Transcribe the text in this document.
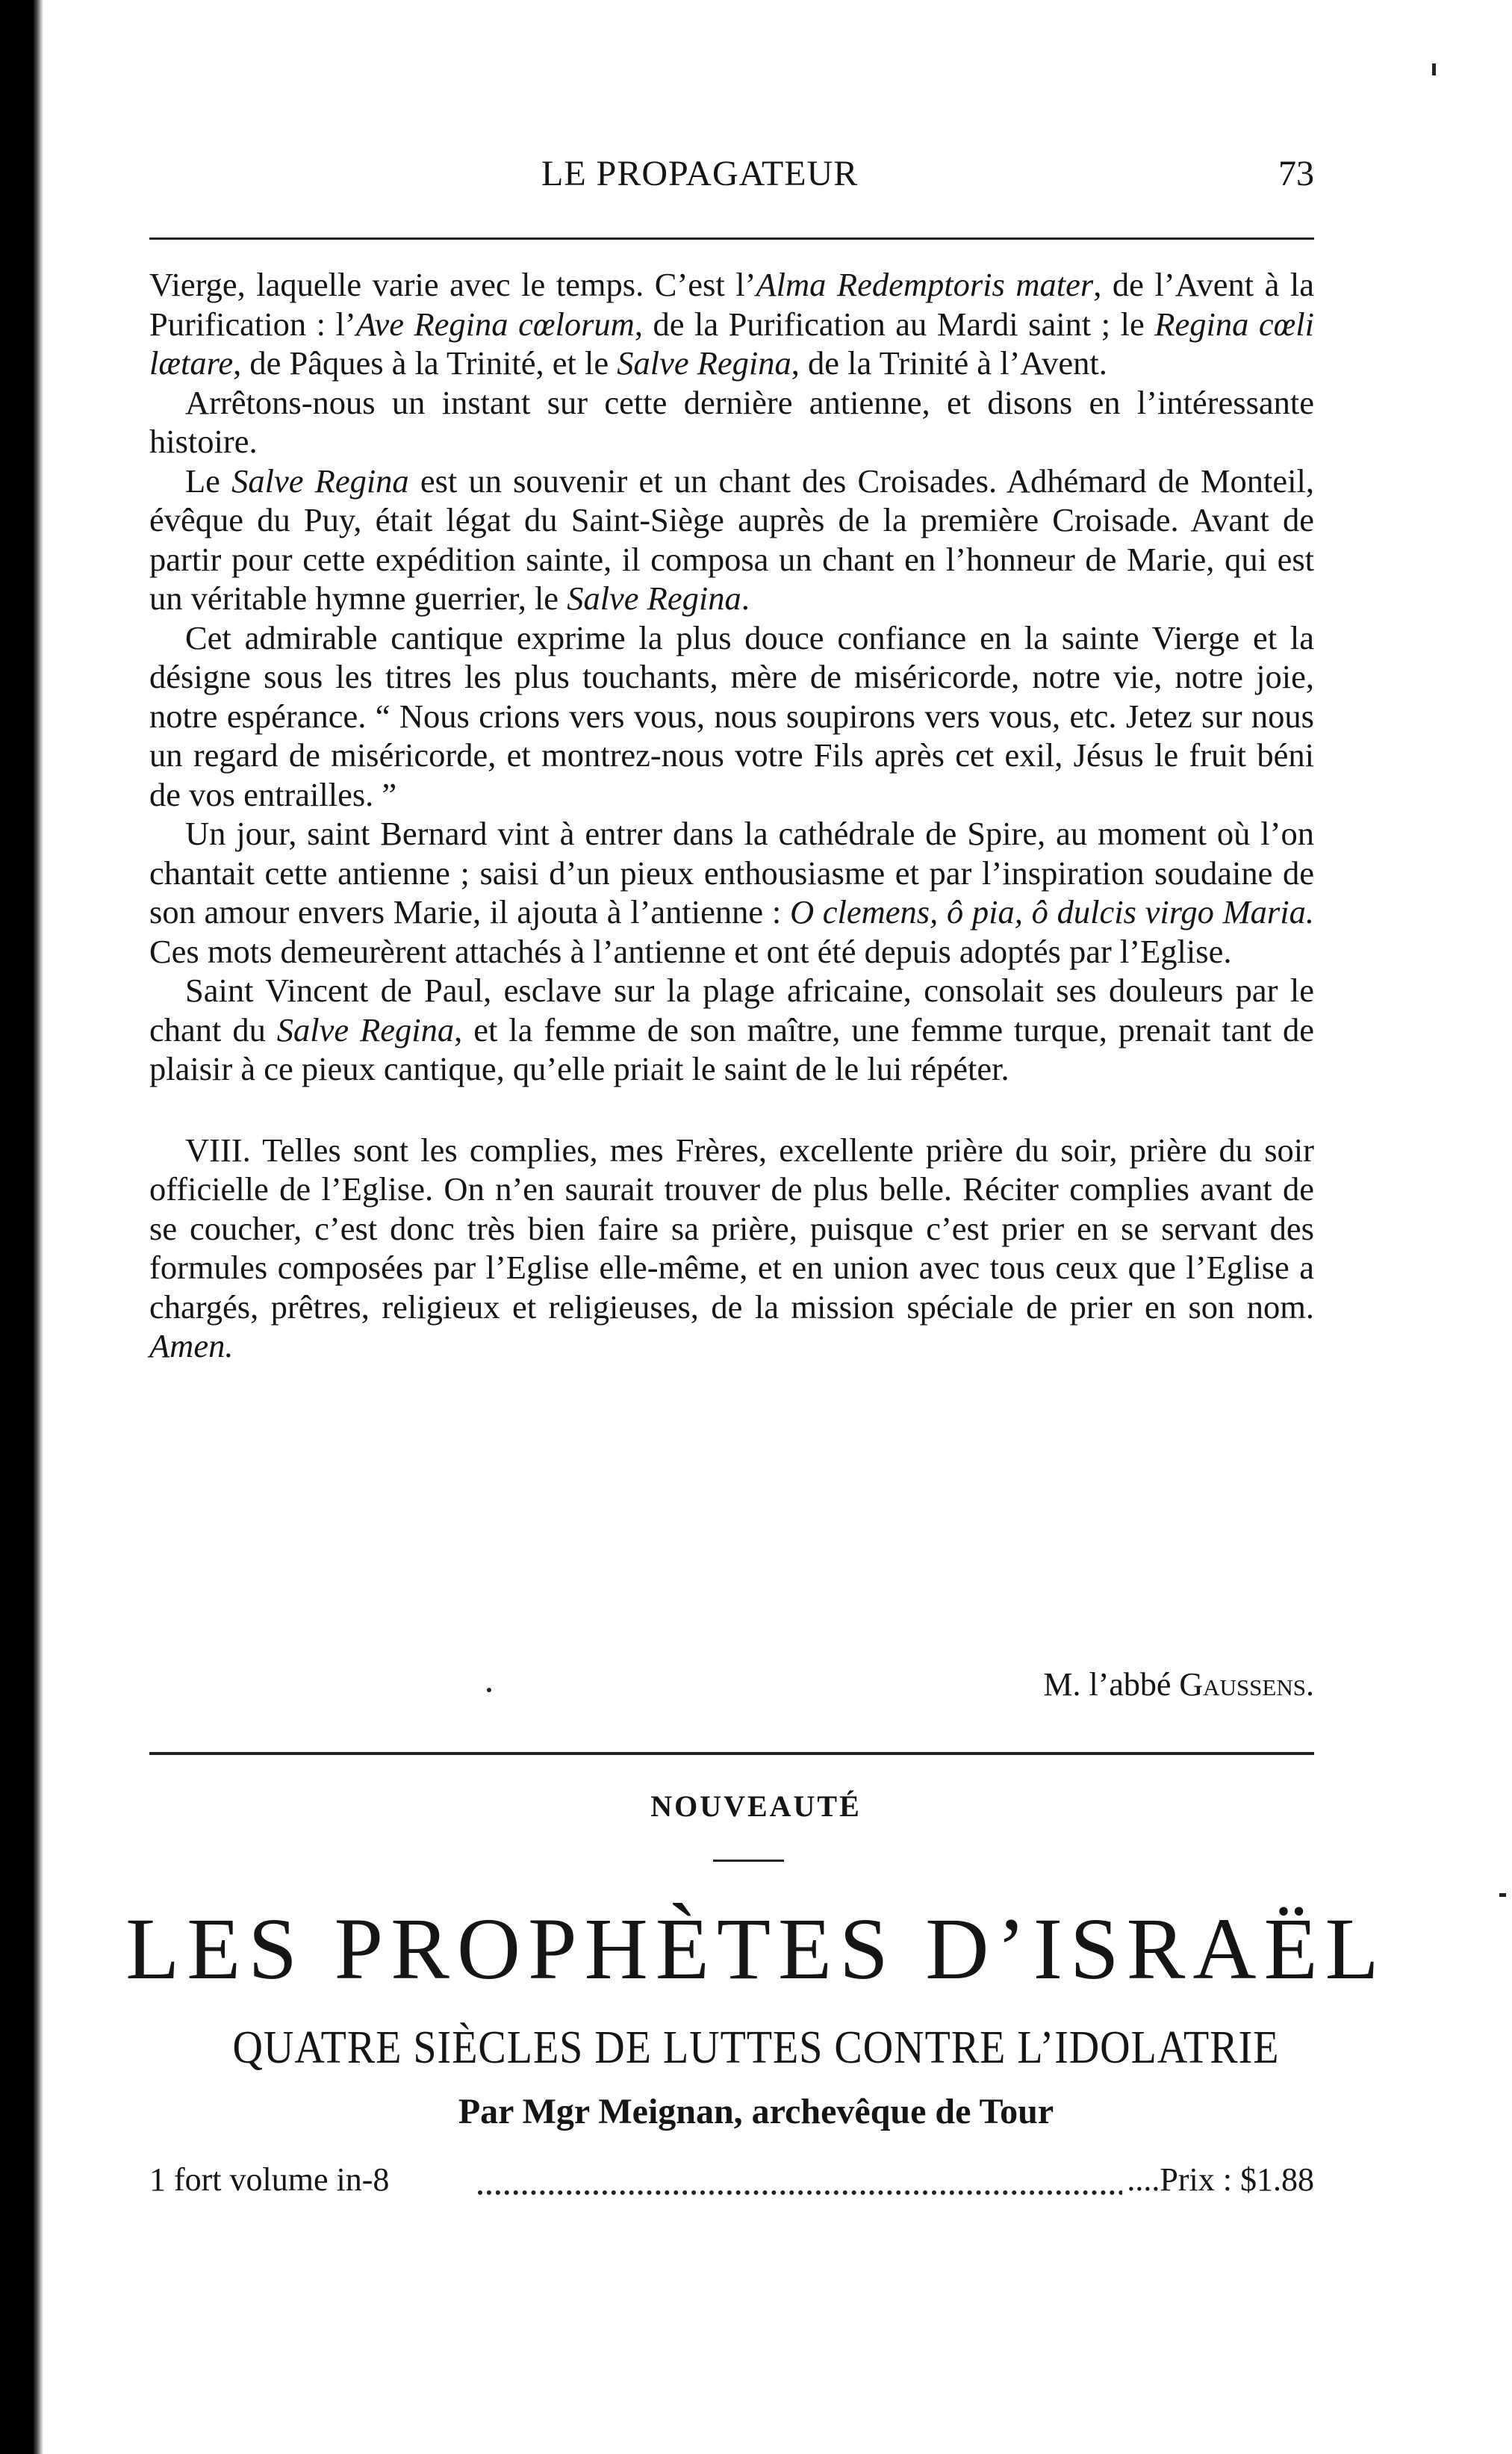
LE PROPAGATEUR	73

Vierge, laquelle varie avec le temps. C’est l’Alma Redemptoris mater, de l’Avent à la Purification : l’Ave Regina cœlorum, de la Purification au Mardi saint ; le Regina cœli lætare, de Pâques à la Trinité, et le Salve Regina, de la Trinité à l’Avent.

Arrêtons-nous un instant sur cette dernière antienne, et disons en l’intéressante histoire.

Le Salve Regina est un souvenir et un chant des Croisades. Adhémard de Monteil, évêque du Puy, était légat du Saint-Siège auprès de la première Croisade. Avant de partir pour cette expédition sainte, il composa un chant en l’honneur de Marie, qui est un véritable hymne guerrier, le Salve Regina.

Cet admirable cantique exprime la plus douce confiance en la sainte Vierge et la désigne sous les titres les plus touchants, mère de miséricorde, notre vie, notre joie, notre espérance. “ Nous crions vers vous, nous soupirons vers vous, etc. Jetez sur nous un regard de miséricorde, et montrez-nous votre Fils après cet exil, Jésus le fruit béni de vos entrailles. ”

Un jour, saint Bernard vint à entrer dans la cathédrale de Spire, au moment où l’on chantait cette antienne ; saisi d’un pieux enthousiasme et par l’inspiration soudaine de son amour envers Marie, il ajouta à l’antienne : O clemens, ô pia, ô dulcis virgo Maria. Ces mots demeurèrent attachés à l’antienne et ont été depuis adoptés par l’Eglise.

Saint Vincent de Paul, esclave sur la plage africaine, consolait ses douleurs par le chant du Salve Regina, et la femme de son maître, une femme turque, prenait tant de plaisir à ce pieux cantique, qu’elle priait le saint de le lui répéter.

VIII. Telles sont les complies, mes Frères, excellente prière du soir, prière du soir officielle de l’Eglise. On n’en saurait trouver de plus belle. Réciter complies avant de se coucher, c’est donc très bien faire sa prière, puisque c’est prier en se servant des formules composées par l’Eglise elle-même, et en union avec tous ceux que l’Eglise a chargés, prêtres, religieux et religieuses, de la mission spéciale de prier en son nom. Amen.

M. l’abbé Gaussens.
NOUVEAUTÉ
LES PROPHÈTES D’ISRAËL
QUATRE SIÈCLES DE LUTTES CONTRE L’IDOLATRIE
Par Mgr Meignan, archevêque de Tour
1 fort volume in-8	....Prix : $1.88
